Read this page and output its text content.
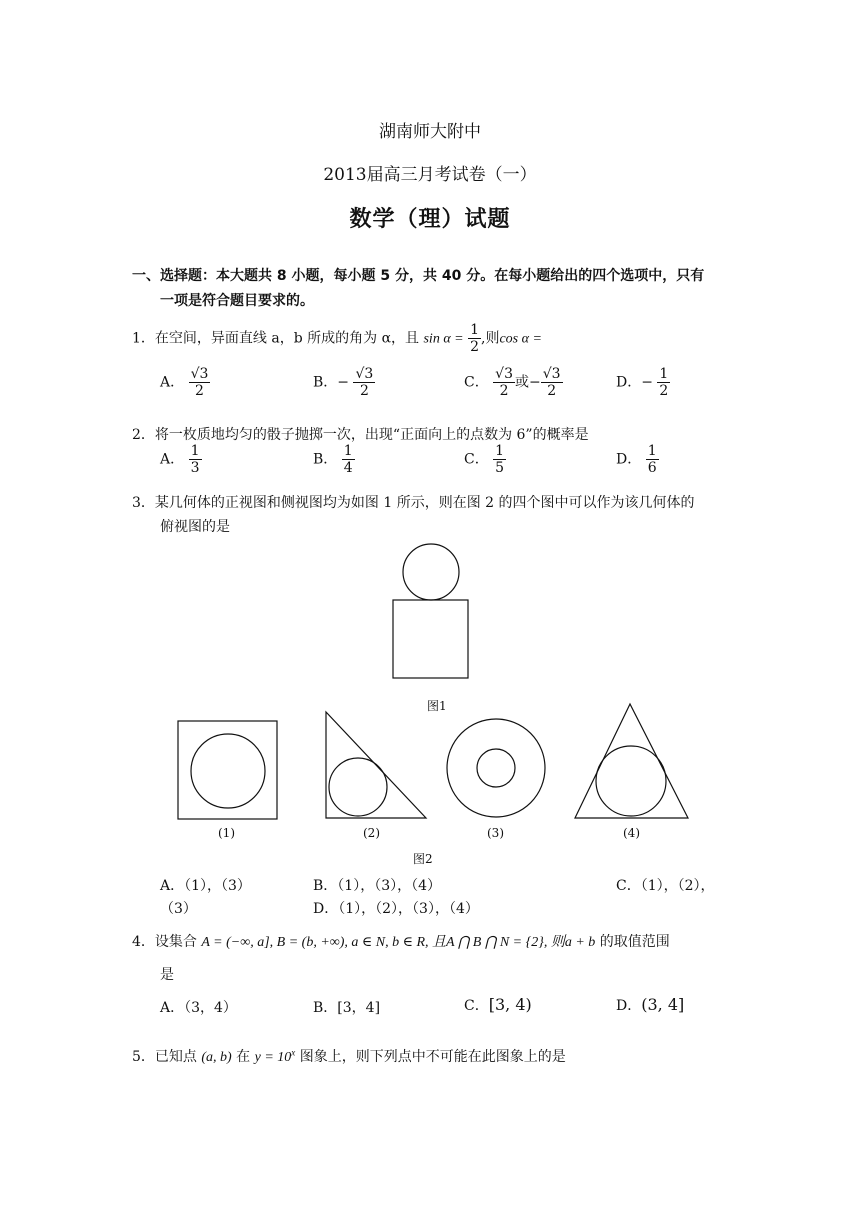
湖南师大附中
2013届高三月考试卷（一）
数学（理）试题
一、选择题：本大题共 8 小题，每小题 5 分，共 40 分。在每小题给出的四个选项中，只有
一项是符合题目要求的。
1．在空间，异面直线 a，b 所成的角为 α，且 $\sin \alpha = \frac{1}{2}$ ,则cos α =
A． $\frac{√3}{2}$	B．− $\frac{√3}{2}$	C． $\frac{√3}{2}$ 或− $\frac{√3}{2}$	D．− $\frac{1}{2}$
2．将一枚质地均匀的骰子抛掷一次，出现“正面向上的点数为 6”的概率是
A． $\frac{1}{3}$	B． $\frac{1}{4}$	C． $\frac{1}{5}$	D． $\frac{1}{6}$
3．某几何体的正视图和侧视图均为如图 1 所示，则在图 2 的四个图中可以作为该几何体的
俯视图的是
图1
(1)	(2)	(3)	(4)
图2
A．（1），（3）	B．（1），（3），（4）	C．（1），（2），
（3）	D．（1），（2），（3），（4）
4．设集合 A = (−∞, a], B = (b, +∞), a ∈ N, b ∈ R, 且A ⋂ B ⋂ N = {2}, 则a + b 的取值范围
是
A．（3，4）	B．[3，4]	C．[3, 4)	D．(3, 4]
5．已知点 (a, b) 在 $y = 10^x$ 图象上，则下列点中不可能在此图象上的是
